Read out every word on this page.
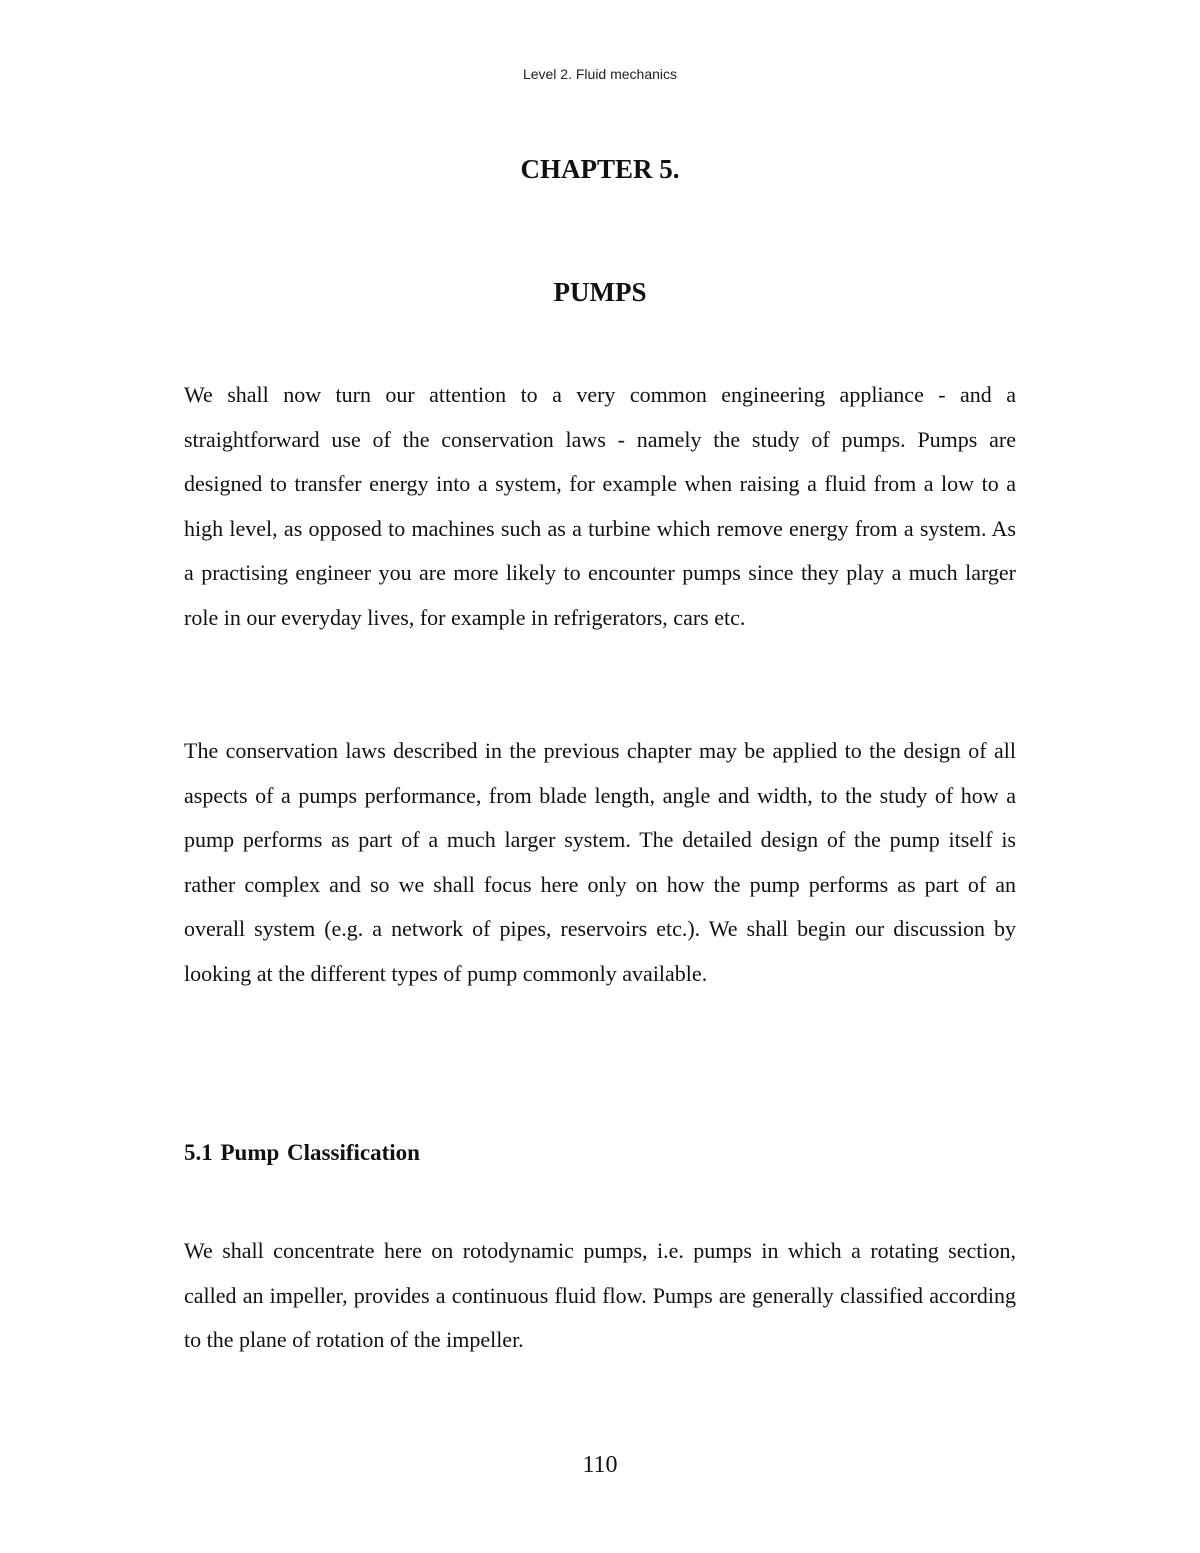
Level 2. Fluid mechanics
CHAPTER 5.
PUMPS

We shall now turn our attention to a very common engineering appliance - and a straightforward use of the conservation laws - namely the study of pumps. Pumps are designed to transfer energy into a system, for example when raising a fluid from a low to a high level, as opposed to machines such as a turbine which remove energy from a system. As a practising engineer you are more likely to encounter pumps since they play a much larger role in our everyday lives, for example in refrigerators, cars etc.

The conservation laws described in the previous chapter may be applied to the design of all aspects of a pumps performance, from blade length, angle and width, to the study of how a pump performs as part of a much larger system. The detailed design of the pump itself is rather complex and so we shall focus here only on how the pump performs as part of an overall system (e.g. a network of pipes, reservoirs etc.). We shall begin our discussion by looking at the different types of pump commonly available.

5.1 Pump Classification

We shall concentrate here on rotodynamic pumps, i.e. pumps in which a rotating section, called an impeller, provides a continuous fluid flow. Pumps are generally classified according to the plane of rotation of the impeller.

110
